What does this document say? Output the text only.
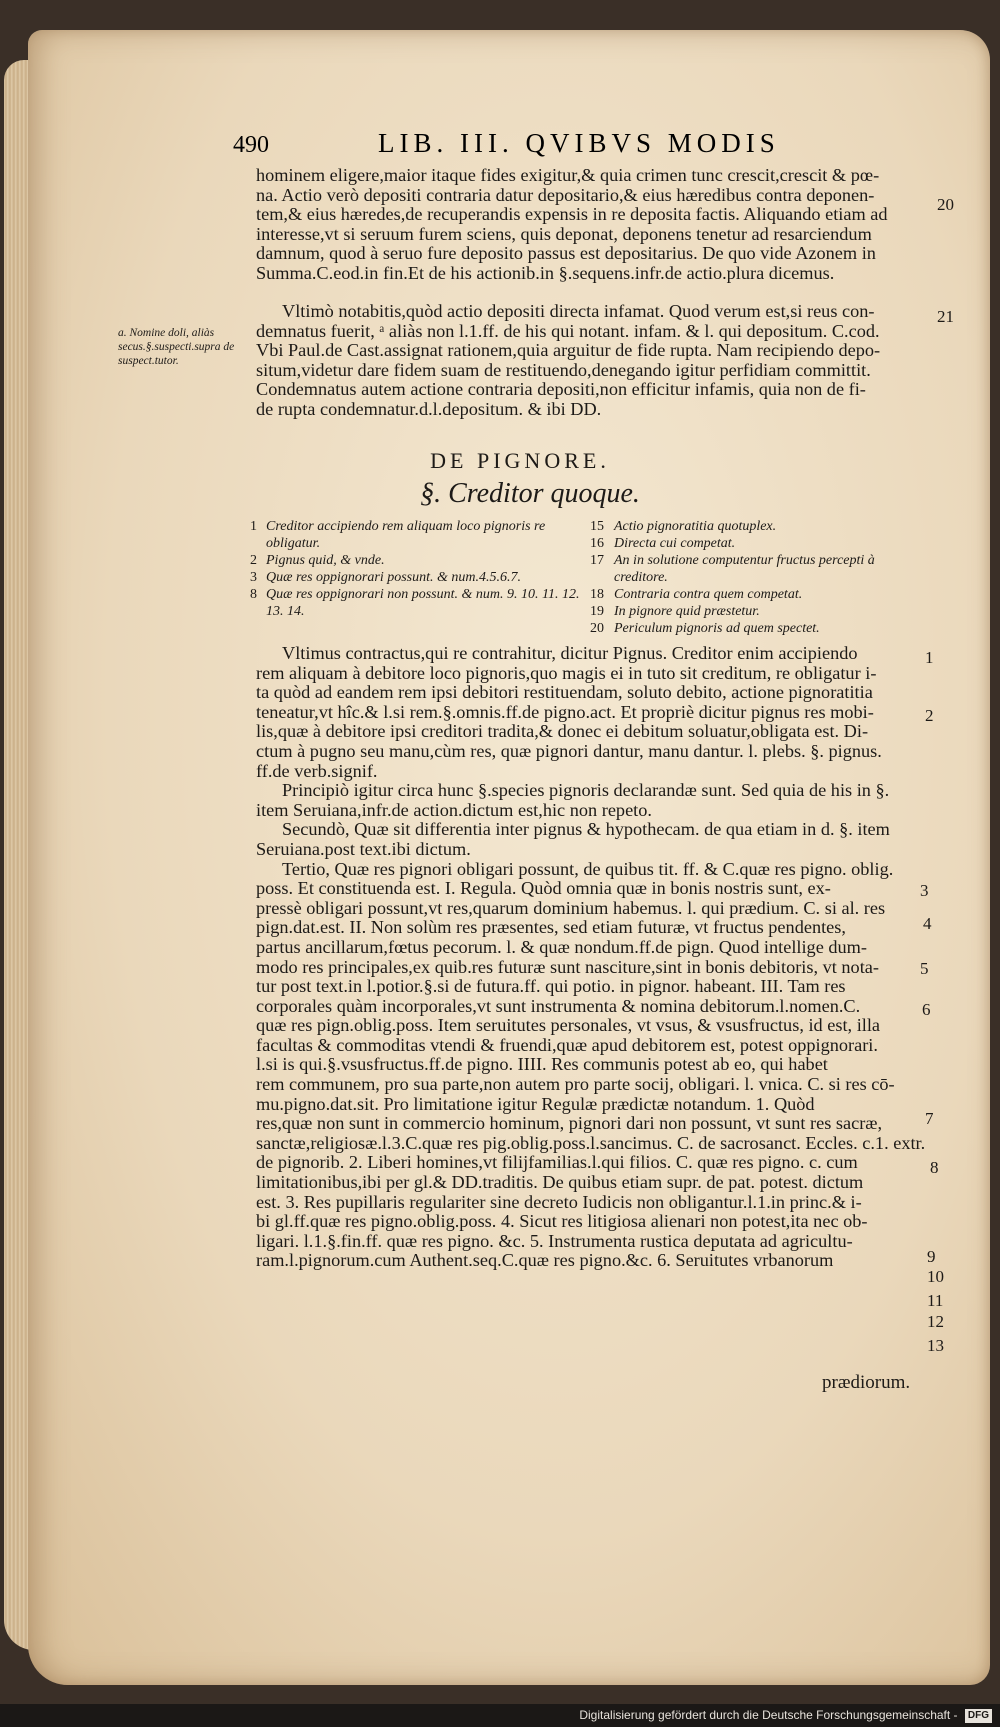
490	LIB. III. QVIBVS MODIS

hominem eligere,maior itaque fides exigitur,& quia crimen tunc crescit,crescit & pœ-

na. Actio verò depositi contraria datur depositario,& eius hæredibus contra deponen-

tem,& eius hæredes,de recuperandis expensis in re deposita factis. Aliquando etiam ad

interesse,vt si seruum furem sciens, quis deponat, deponens tenetur ad resarciendum

damnum, quod à seruo fure deposito passus est depositarius. De quo vide Azonem in

Summa.C.eod.in fin.Et de his actionib.in §.sequens.infr.de actio.plura dicemus.

Vltimò notabitis,quòd actio depositi directa infamat. Quod verum est,si reus con-

demnatus fuerit, ᵃ aliàs non l.1.ff. de his qui notant. infam. & l. qui depositum. C.cod.

Vbi Paul.de Cast.assignat rationem,quia arguitur de fide rupta. Nam recipiendo depo-

situm,videtur dare fidem suam de restituendo,denegando igitur perfidiam committit.

Condemnatus autem actione contraria depositi,non efficitur infamis, quia non de fi-

de rupta condemnatur.d.l.depositum. & ibi DD.

a. Nomine doli, aliàs secus.§.suspecti.supra de suspect.tutor.
DE PIGNORE.
§. Creditor quoque.
1 Creditor accipiendo rem aliquam loco pignoris re obligatur.
2 Pignus quid, & vnde.
3 Quæ res oppignorari possunt. & num.4.5.6.7.
8 Quæ res oppignorari non possunt. & num. 9. 10. 11. 12. 13. 14.
15 Actio pignoratitia quotuplex.
16 Directa cui competat.
17 An in solutione computentur fructus percepti à creditore.
18 Contraria contra quem competat.
19 In pignore quid præstetur.
20 Periculum pignoris ad quem spectet.

Vltimus contractus,qui re contrahitur, dicitur Pignus. Creditor enim accipiendo

rem aliquam à debitore loco pignoris,quo magis ei in tuto sit creditum, re obligatur i-

ta quòd ad eandem rem ipsi debitori restituendam, soluto debito, actione pignoratitia

teneatur,vt hîc.& l.si rem.§.omnis.ff.de pigno.act. Et propriè dicitur pignus res mobi-

lis,quæ à debitore ipsi creditori tradita,& donec ei debitum soluatur,obligata est. Di-

ctum à pugno seu manu,cùm res, quæ pignori dantur, manu dantur. l. plebs. §. pignus.

ff.de verb.signif.

Principiò igitur circa hunc §.species pignoris declarandæ sunt. Sed quia de his in §.

item Seruiana,infr.de action.dictum est,hic non repeto.

Secundò, Quæ sit differentia inter pignus & hypothecam. de qua etiam in d. §. item

Seruiana.post text.ibi dictum.

Tertio, Quæ res pignori obligari possunt, de quibus tit. ff. & C.quæ res pigno. oblig.

poss. Et constituenda est. I. Regula. Quòd omnia quæ in bonis nostris sunt, ex-

pressè obligari possunt,vt res,quarum dominium habemus. l. qui prædium. C. si al. res

pign.dat.est. II. Non solùm res præsentes, sed etiam futuræ, vt fructus pendentes,

partus ancillarum,fœtus pecorum. l. & quæ nondum.ff.de pign. Quod intellige dum-

modo res principales,ex quib.res futuræ sunt nasciture,sint in bonis debitoris, vt nota-

tur post text.in l.potior.§.si de futura.ff. qui potio. in pignor. habeant. III. Tam res

corporales quàm incorporales,vt sunt instrumenta & nomina debitorum.l.nomen.C.

quæ res pign.oblig.poss. Item seruitutes personales, vt vsus, & vsusfructus, id est, illa

facultas & commoditas vtendi & fruendi,quæ apud debitorem est, potest oppignorari.

l.si is qui.§.vsusfructus.ff.de pigno. IIII. Res communis potest ab eo, qui habet

rem communem, pro sua parte,non autem pro parte socij, obligari. l. vnica. C. si res cō-

mu.pigno.dat.sit. Pro limitatione igitur Regulæ prædictæ notandum. 1. Quòd

res,quæ non sunt in commercio hominum, pignori dari non possunt, vt sunt res sacræ,

sanctæ,religiosæ.l.3.C.quæ res pig.oblig.poss.l.sancimus. C. de sacrosanct. Eccles. c.1. extr.

de pignorib. 2. Liberi homines,vt filijfamilias.l.qui filios. C. quæ res pigno. c. cum

limitationibus,ibi per gl.& DD.traditis. De quibus etiam supr. de pat. potest. dictum

est. 3. Res pupillaris regulariter sine decreto Iudicis non obligantur.l.1.in princ.& i-

bi gl.ff.quæ res pigno.oblig.poss. 4. Sicut res litigiosa alienari non potest,ita nec ob-

ligari. l.1.§.fin.ff. quæ res pigno. &c. 5. Instrumenta rustica deputata ad agricultu-

ram.l.pignorum.cum Authent.seq.C.quæ res pigno.&c. 6. Seruitutes vrbanorum

20
21
1
2
3
4
5
6
7
8
9
10
11
12
13
prædiorum.
Digitalisierung gefördert durch die Deutsche Forschungsgemeinschaft - DFG
